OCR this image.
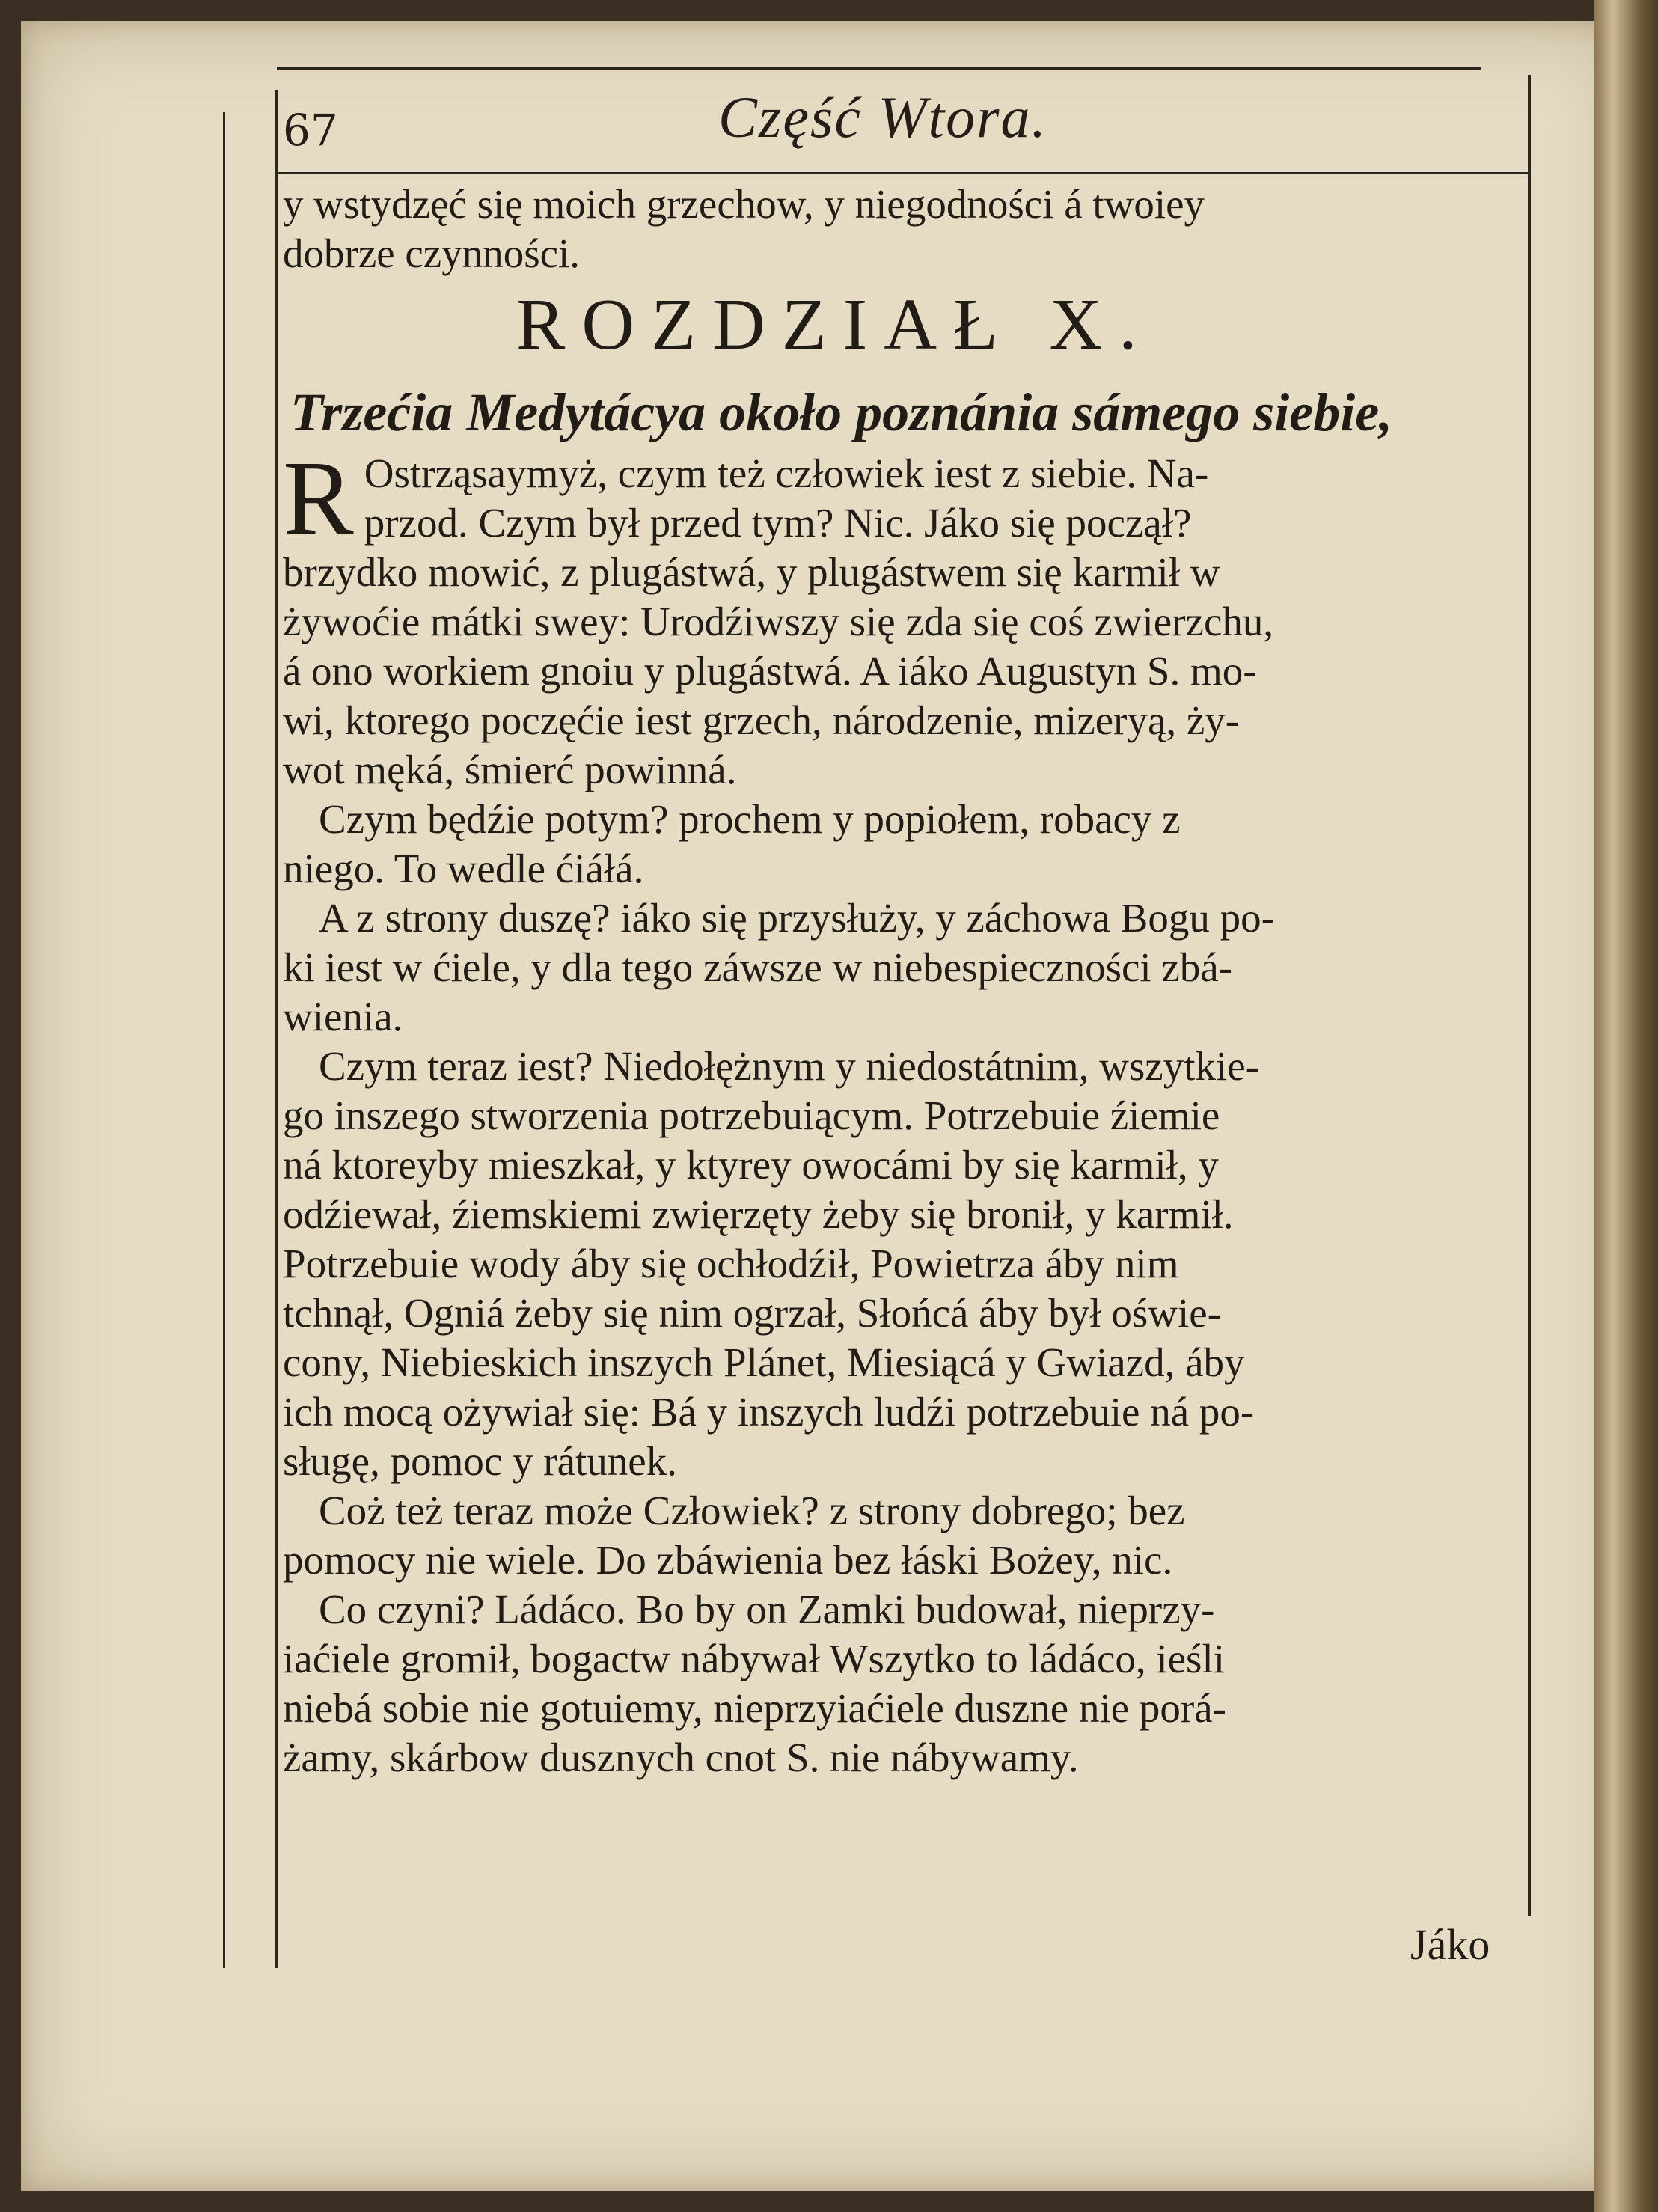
67	Część Wtora.
y wstydzęć się moich grzechow, y niegodności á twoiey
dobrze czynności.
ROZDZIAŁ X.
Trzećia Medytácya około poznánia sámego siebie,

R Ostrząsaymyż, czym też człowiek iest z siebie. Na-
przod. Czym był przed tym? Nic. Jáko się począł?
brzydko mowić, z plugástwá, y plugástwem się karmił w
żywoćie mátki swey: Urodźiwszy się zda się coś zwierzchu,
á ono workiem gnoiu y plugástwá. A iáko Augustyn S. mo-
wi, ktorego poczęćie iest grzech, národzenie, mizeryą, ży-
wot męká, śmierć powinná.

Czym będźie potym? prochem y popiołem, robacy z
niego. To wedle ćiáłá.

A z strony duszę? iáko się przysłuży, y záchowa Bogu po-
ki iest w ćiele, y dla tego záwsze w niebespieczności zbá-
wienia.

Czym teraz iest? Niedołężnym y niedostátnim, wszytkie-
go inszego stworzenia potrzebuiącym. Potrzebuie źiemie
ná ktoreyby mieszkał, y ktyrey owocámi by się karmił, y
odźiewał, źiemskiemi zwięrzęty żeby się bronił, y karmił.
Potrzebuie wody áby się ochłodźił, Powietrza áby nim
tchnął, Ogniá żeby się nim ogrzał, Słońcá áby był oświe-
cony, Niebieskich inszych Plánet, Miesiącá y Gwiazd, áby
ich mocą ożywiał się: Bá y inszych ludźi potrzebuie ná po-
sługę, pomoc y rátunek.

Coż też teraz może Człowiek? z strony dobrego; bez
pomocy nie wiele. Do zbáwienia bez łáski Bożey, nic.

Co czyni? Ládáco. Bo by on Zamki budował, nieprzy-
iaćiele gromił, bogactw nábywał Wszytko to ládáco, ieśli
niebá sobie nie gotuiemy, nieprzyiaćiele duszne nie porá-
żamy, skárbow dusznych cnot S. nie nábywamy.

Jáko
